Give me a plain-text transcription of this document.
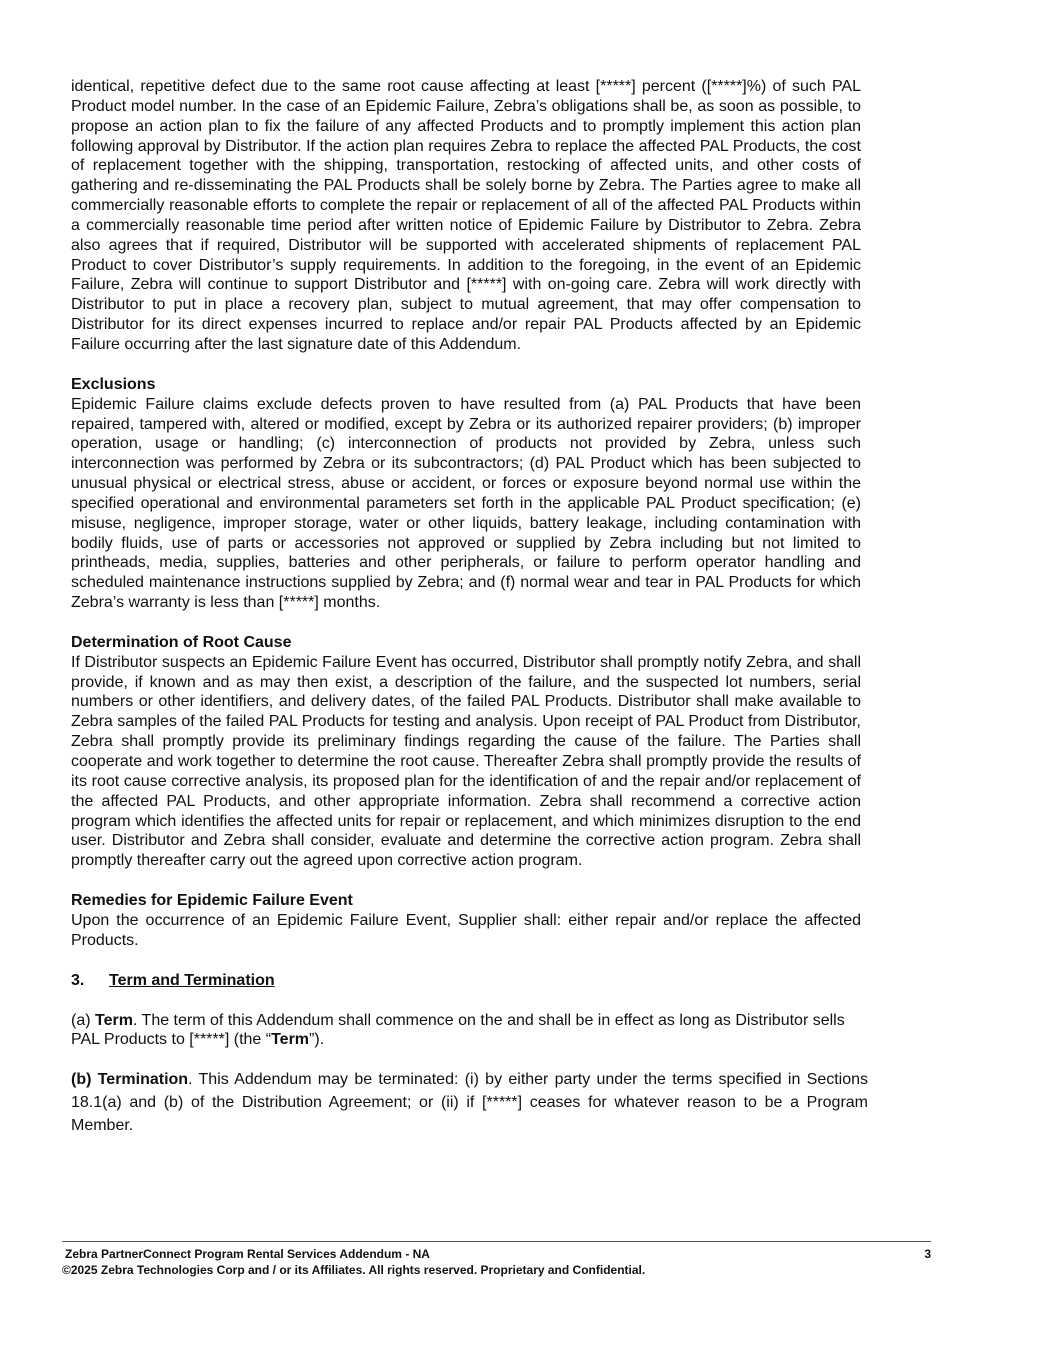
identical, repetitive defect due to the same root cause affecting at least [*****] percent ([*****]%) of such PAL Product model number. In the case of an Epidemic Failure, Zebra’s obligations shall be, as soon as possible, to propose an action plan to fix the failure of any affected Products and to promptly implement this action plan following approval by Distributor. If the action plan requires Zebra to replace the affected PAL Products, the cost of replacement together with the shipping, transportation, restocking of affected units, and other costs of gathering and re-disseminating the PAL Products shall be solely borne by Zebra. The Parties agree to make all commercially reasonable efforts to complete the repair or replacement of all of the affected PAL Products within a commercially reasonable time period after written notice of Epidemic Failure by Distributor to Zebra. Zebra also agrees that if required, Distributor will be supported with accelerated shipments of replacement PAL Product to cover Distributor’s supply requirements. In addition to the foregoing, in the event of an Epidemic Failure, Zebra will continue to support Distributor and [*****] with on-going care. Zebra will work directly with Distributor to put in place a recovery plan, subject to mutual agreement, that may offer compensation to Distributor for its direct expenses incurred to replace and/or repair PAL Products affected by an Epidemic Failure occurring after the last signature date of this Addendum.

Exclusions

Epidemic Failure claims exclude defects proven to have resulted from (a) PAL Products that have been repaired, tampered with, altered or modified, except by Zebra or its authorized repairer providers; (b) improper operation, usage or handling; (c) interconnection of products not provided by Zebra, unless such interconnection was performed by Zebra or its subcontractors; (d) PAL Product which has been subjected to unusual physical or electrical stress, abuse or accident, or forces or exposure beyond normal use within the specified operational and environmental parameters set forth in the applicable PAL Product specification; (e) misuse, negligence, improper storage, water or other liquids, battery leakage, including contamination with bodily fluids, use of parts or accessories not approved or supplied by Zebra including but not limited to printheads, media, supplies, batteries and other peripherals, or failure to perform operator handling and scheduled maintenance instructions supplied by Zebra; and (f) normal wear and tear in PAL Products for which Zebra’s warranty is less than [*****] months.

Determination of Root Cause

If Distributor suspects an Epidemic Failure Event has occurred, Distributor shall promptly notify Zebra, and shall provide, if known and as may then exist, a description of the failure, and the suspected lot numbers, serial numbers or other identifiers, and delivery dates, of the failed PAL Products. Distributor shall make available to Zebra samples of the failed PAL Products for testing and analysis. Upon receipt of PAL Product from Distributor, Zebra shall promptly provide its preliminary findings regarding the cause of the failure. The Parties shall cooperate and work together to determine the root cause. Thereafter Zebra shall promptly provide the results of its root cause corrective analysis, its proposed plan for the identification of and the repair and/or replacement of the affected PAL Products, and other appropriate information. Zebra shall recommend a corrective action program which identifies the affected units for repair or replacement, and which minimizes disruption to the end user. Distributor and Zebra shall consider, evaluate and determine the corrective action program. Zebra shall promptly thereafter carry out the agreed upon corrective action program.

Remedies for Epidemic Failure Event

Upon the occurrence of an Epidemic Failure Event, Supplier shall: either repair and/or replace the affected Products.

3. Term and Termination

(a) Term. The term of this Addendum shall commence on the and shall be in effect as long as Distributor sells PAL Products to [*****] (the “Term”).

(b) Termination. This Addendum may be terminated: (i) by either party under the terms specified in Sections 18.1(a) and (b) of the Distribution Agreement; or (ii) if [*****] ceases for whatever reason to be a Program Member.

Zebra PartnerConnect Program Rental Services Addendum - NA	3
©2025 Zebra Technologies Corp and / or its Affiliates. All rights reserved. Proprietary and Confidential.
